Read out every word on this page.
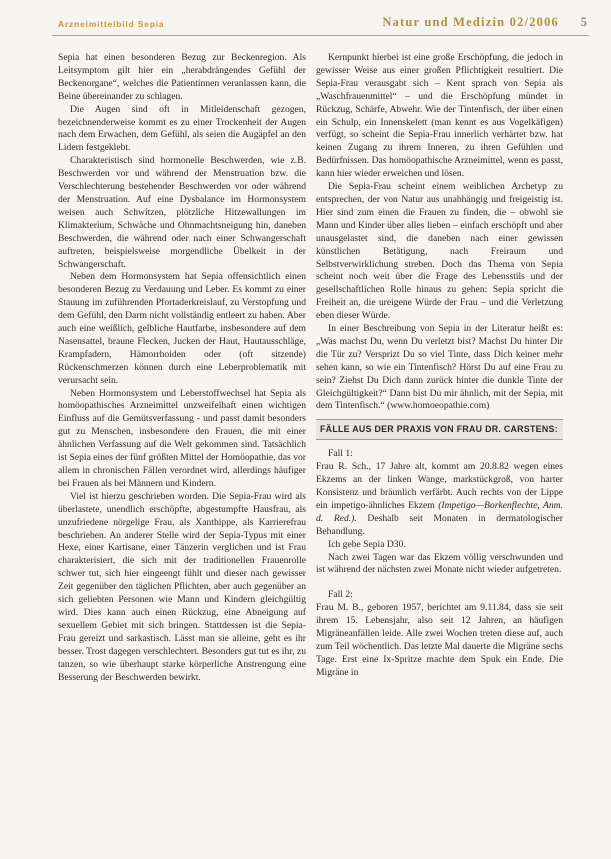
Arzneimittelbild Sepia	Natur und Medizin 02/2006 5

Sepia hat einen besonderen Bezug zur Beckenregion. Als Leitsymptom gilt hier ein „herabdrängendes Gefühl der Beckenorgane“, welches die Patientinnen veranlassen kann, die Beine übereinander zu schlagen.

Die Augen sind oft in Mitleidenschaft gezogen, bezeichnenderweise kommt es zu einer Trockenheit der Augen nach dem Erwachen, dem Gefühl, als seien die Augäpfel an den Lidern festgeklebt.

Charakteristisch sind hormonelle Beschwerden, wie z.B. Beschwerden vor und während der Menstruation bzw. die Verschlechterung bestehender Beschwerden vor oder während der Menstruation. Auf eine Dysbalance im Hormonsystem weisen auch Schwitzen, plötzliche Hitzewallungen im Klimakterium, Schwäche und Ohnmachtsneigung hin, daneben Beschwerden, die während oder nach einer Schwangerschaft auftreten, beispielsweise morgendliche Übelkeit in der Schwangerschaft.

Neben dem Hormonsystem hat Sepia offensichtlich einen besonderen Bezug zu Verdauung und Leber. Es kommt zu einer Stauung im zuführenden Pfortaderkreislauf, zu Verstopfung und dem Gefühl, den Darm nicht vollständig entleert zu haben. Aber auch eine weißlich, gelbliche Hautfarbe, insbesondere auf dem Nasensattel, braune Flecken, Jucken der Haut, Hautausschläge, Krampfadern, Hämorrhoiden oder (oft sitzende) Rückenschmerzen können durch eine Leberproblematik mit verursacht sein.

Neben Hormonsystem und Leberstoffwechsel hat Sepia als homöopathisches Arzneimittel unzweifelhaft einen wichtigen Einfluss auf die Gemütsverfassung - und passt damit besonders gut zu Menschen, insbesondere den Frauen, die mit einer ähnlichen Verfassung auf die Welt gekommen sind. Tatsächlich ist Sepia eines der fünf größten Mittel der Homöopathie, das vor allem in chronischen Fällen verordnet wird, allerdings häufiger bei Frauen als bei Männern und Kindern.

Viel ist hierzu geschrieben worden. Die Sepia-Frau wird als überlastete, unendlich erschöpfte, abgestumpfte Hausfrau, als unzufriedene nörgelige Frau, als Xanthippe, als Karrierefrau beschrieben. An anderer Stelle wird der Sepia-Typus mit einer Hexe, einer Kartisane, einer Tänzerin verglichen und ist Frau charakterisiert, die sich mit der traditionellen Frauenrolle schwer tut, sich hier eingeengt fühlt und dieser nach gewisser Zeit gegenüber den täglichen Pflichten, aber auch gegenüber an sich geliebten Personen wie Mann und Kindern gleichgültig wird. Dies kann auch einen Rückzug, eine Abneigung auf sexuellem Gebiet mit sich bringen. Stattdessen ist die Sepia-Frau gereizt und sarkastisch. Lässt man sie alleine, geht es ihr besser. Trost dagegen verschlechtert. Besonders gut tut es ihr, zu tanzen, so wie überhaupt starke körperliche Anstrengung eine Besserung der Beschwerden bewirkt.

Kernpunkt hierbei ist eine große Erschöpfung, die jedoch in gewisser Weise aus einer großen Pflichtigkeit resultiert. Die Sepia-Frau verausgabt sich – Kent sprach von Sepia als „Waschfrauenmittel“ – und die Erschöpfung mündet in Rückzug, Schärfe, Abwehr. Wie der Tintenfisch, der über einen ein Schulp, ein Innenskelett (man kennt es aus Vogelkäfigen) verfügt, so scheint die Sepia-Frau innerlich verhärtet bzw. hat keinen Zugang zu ihrem Inneren, zu ihren Gefühlen und Bedürfnissen. Das homöopathische Arzneimittel, wenn es passt, kann hier wieder erweichen und lösen.

Die Sepia-Frau scheint einem weiblichen Archetyp zu entsprechen, der von Natur aus unabhängig und freigeistig ist. Hier sind zum einen die Frauen zu finden, die – obwohl sie Mann und Kinder über alles lieben – einfach erschöpft und aber unausgelastet sind, die daneben nach einer gewissen künstlichen Betätigung, nach Freiraum und Selbstverwirklichung streben. Doch das Thema von Sepia scheint noch weit über die Frage des Lebensstils und der gesellschaftlichen Rolle hinaus zu gehen: Sepia spricht die Freiheit an, die ureigene Würde der Frau – und die Verletzung eben dieser Würde.

In einer Beschreibung von Sepia in der Literatur heißt es: „Was machst Du, wenn Du verletzt bist? Machst Du hinter Dir die Tür zu? Versprizt Du so viel Tinte, dass Dich keiner mehr sehen kann, so wie ein Tintenfisch? Hörst Du auf eine Frau zu sein? Ziehst Du Dich dann zurück hinter die dunkle Tinte der Gleichgültigkeit?“ Dann bist Du mir ähnlich, mit der Sepia, mit dem Tintenfisch.“ (www.homoeopathie.com)

FÄLLE AUS DER PRAXIS VON FRAU DR. CARSTENS:

Fall 1:

Frau R. Sch., 17 Jahre alt, kommt am 20.8.82 wegen eines Ekzems an der linken Wange, markstückgroß, von harter Konsistenz und bräunlich verfärbt. Auch rechts von der Lippe ein impetigo-ähnliches Ekzem (Impetigo—Borkenflechte, Anm. d. Red.). Deshalb seit Monaten in dermatologischer Behandlung.

Ich gebe Sepia D30.

Nach zwei Tagen war das Ekzem völlig verschwunden und ist während der nächsten zwei Monate nicht wieder aufgetreten.

Fall 2:

Frau M. B., geboren 1957, berichtet am 9.11.84, dass sie seit ihrem 15. Lebensjahr, also seit 12 Jahren, an häufigen Migräneanfällen leide. Alle zwei Wochen treten diese auf, auch zum Teil wöchentlich. Das letzte Mal dauerte die Migräne sechs Tage. Erst eine Ix-Spritze machte dem Spuk ein Ende. Die Migräne in
